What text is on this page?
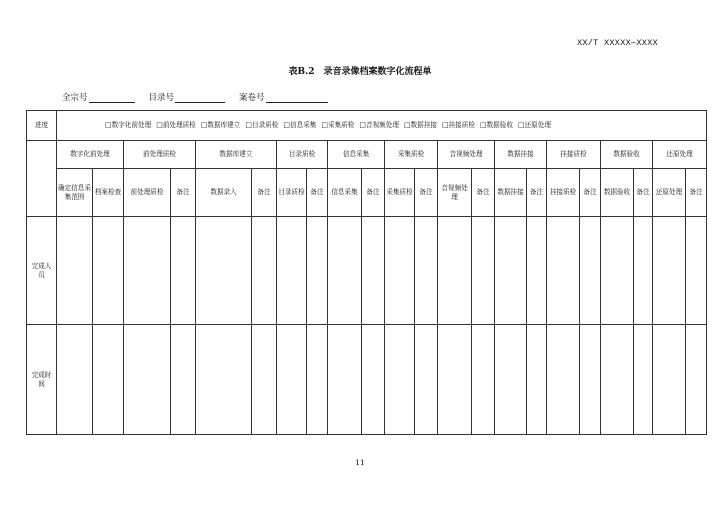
XX/T XXXXX—XXXX
表B.2　录音录像档案数字化流程单
全宗号	目录号	案卷号
进度	□ 数字化前处理 □ 前处理质检 □ 数据库建立 □ 目录质检 □ 信息采集 □ 采集质检 □ 音视频处理 □ 数据挂接 □ 挂接质检 □ 数据验收 □ 还原处理
	数字化前处理		前处理质检		数据库建立		目录质检		信息采集		采集质检		音视频处理		数据挂接		挂接质检		数据验收		还原处理	
	确定信息采集范围	档案检查	前处理质检	备注	数据录入	备注	目录质检	备注	信息采集	备注	采集质检	备注	音视频处理	备注	数据挂接	备注	挂接质检	备注	数据验收	备注	还原处理	备注
完成人员																						
完成时间																						
11
